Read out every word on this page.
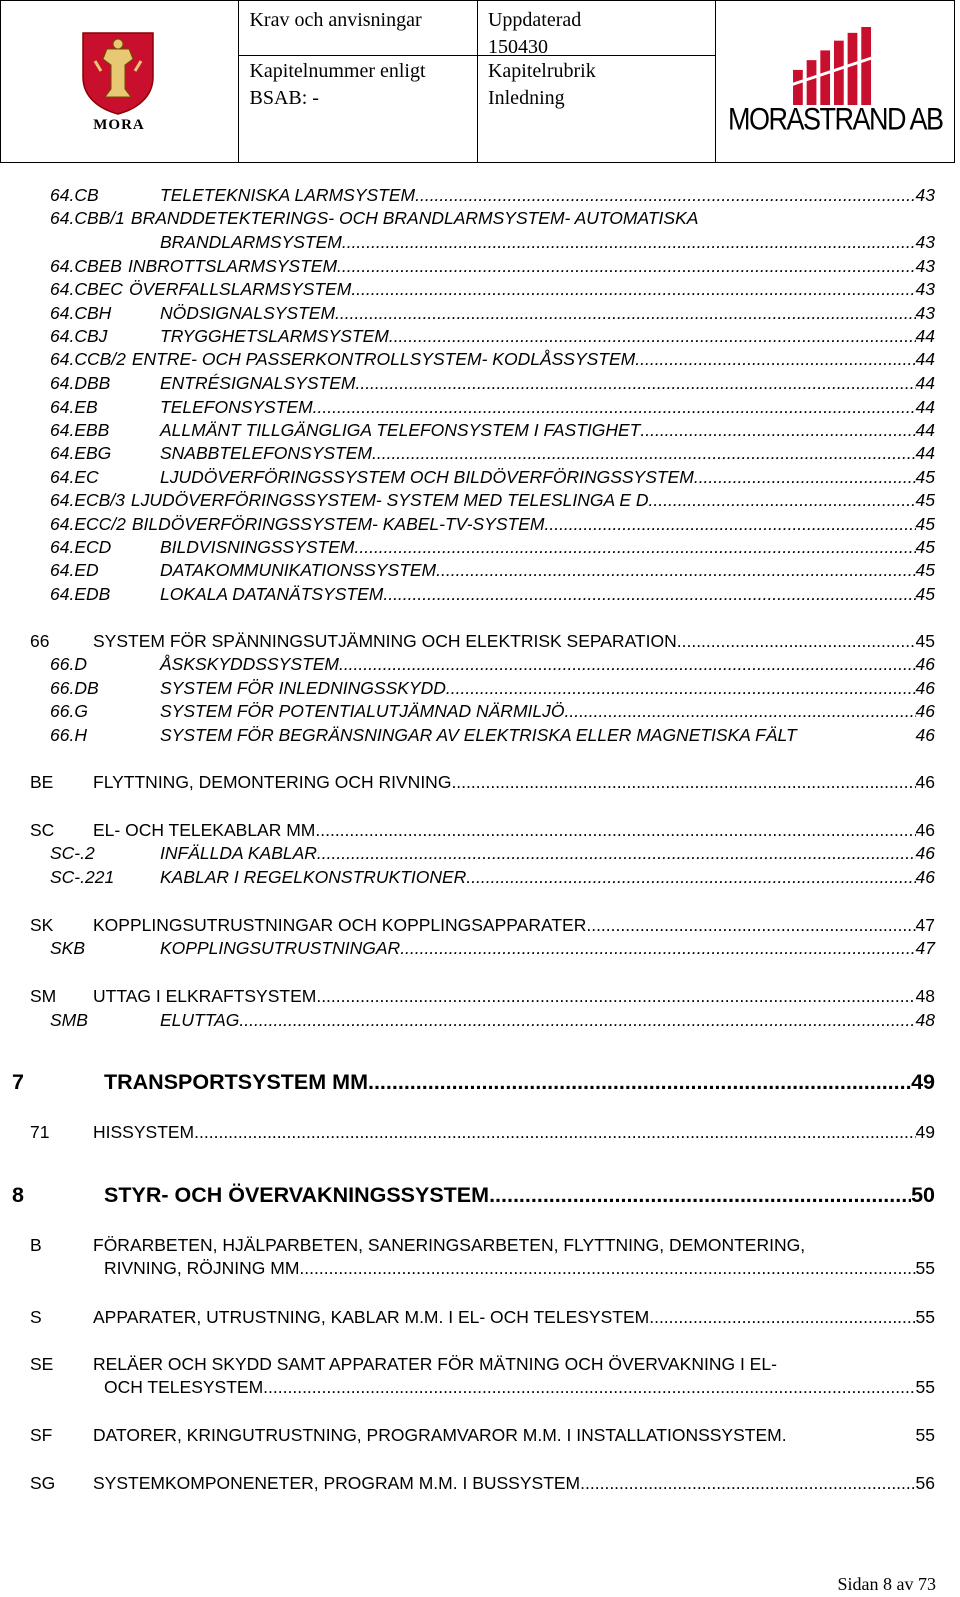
MORA

Krav och anvisningar
Kapitelnummer enligt
BSAB: -

Uppdaterad
150430
Kapitelrubrik
Inledning

MORASTRAND AB
64.CB	TELETEKNISKA LARMSYSTEM .....	43
64.CBB/1 BRANDDETEKTERINGS- OCH BRANDLARMSYSTEM- AUTOMATISKA
BRANDLARMSYSTEM .....	43
64.CBEB INBROTTSLARMSYSTEM .....	43
64.CBEC ÖVERFALLSLARMSYSTEM .....	43
64.CBH	NÖDSIGNALSYSTEM .....	43
64.CBJ	TRYGGHETSLARMSYSTEM .....	44
64.CCB/2 ENTRE- OCH PASSERKONTROLLSYSTEM- KODLÅSSYSTEM .....	44
64.DBB	ENTRÉSIGNALSYSTEM .....	44
64.EB	TELEFONSYSTEM .....	44
64.EBB	ALLMÄNT TILLGÄNGLIGA TELEFONSYSTEM I FASTIGHET .....	44
64.EBG	SNABBTELEFONSYSTEM .....	44
64.EC	LJUDÖVERFÖRINGSSYSTEM OCH BILDÖVERFÖRINGSSYSTEM .....	45
64.ECB/3 LJUDÖVERFÖRINGSSYSTEM- SYSTEM MED TELESLINGA E D .....	45
64.ECC/2 BILDÖVERFÖRINGSSYSTEM- KABEL-TV-SYSTEM .....	45
64.ECD	BILDVISNINGSSYSTEM .....	45
64.ED	DATAKOMMUNIKATIONSSYSTEM .....	45
64.EDB	LOKALA DATANÄTSYSTEM .....	45
66 SYSTEM FÖR SPÄNNINGSUTJÄMNING OCH ELEKTRISK SEPARATION .....	45
66.D	ÅSKSKYDDSSYSTEM .....	46
66.DB	SYSTEM FÖR INLEDNINGSSKYDD .....	46
66.G	SYSTEM FÖR POTENTIALUTJÄMNAD NÄRMILJÖ .....	46
66.H	SYSTEM FÖR BEGRÄNSNINGAR AV ELEKTRISKA ELLER MAGNETISKA FÄLT	46
BE FLYTTNING, DEMONTERING OCH RIVNING .....	46
SC EL- OCH TELEKABLAR MM .....	46
SC-.2	INFÄLLDA KABLAR .....	46
SC-.221	KABLAR I REGELKONSTRUKTIONER .....	46
SK KOPPLINGSUTRUSTNINGAR OCH KOPPLINGSAPPARATER .....	47
SKB	KOPPLINGSUTRUSTNINGAR .....	47
SM UTTAG I ELKRAFTSYSTEM .....	48
SMB	ELUTTAG .....	48
7	TRANSPORTSYSTEM MM .....	49
71 HISSYSTEM .....	49
8	STYR- OCH ÖVERVAKNINGSSYSTEM .....	50
B	FÖRARBETEN, HJÄLPARBETEN, SANERINGSARBETEN, FLYTTNING, DEMONTERING,
RIVNING, RÖJNING MM .....	55
S	APPARATER, UTRUSTNING, KABLAR M.M. I EL- OCH TELESYSTEM .....	55
SE RELÄER OCH SKYDD SAMT APPARATER FÖR MÄTNING OCH ÖVERVAKNING I EL-
OCH TELESYSTEM .....	55
SF DATORER, KRINGUTRUSTNING, PROGRAMVAROR M.M. I INSTALLATIONSSYSTEM.	55
SG SYSTEMKOMPONENETER, PROGRAM M.M. I BUSSYSTEM .....	56
Sidan 8 av 73
